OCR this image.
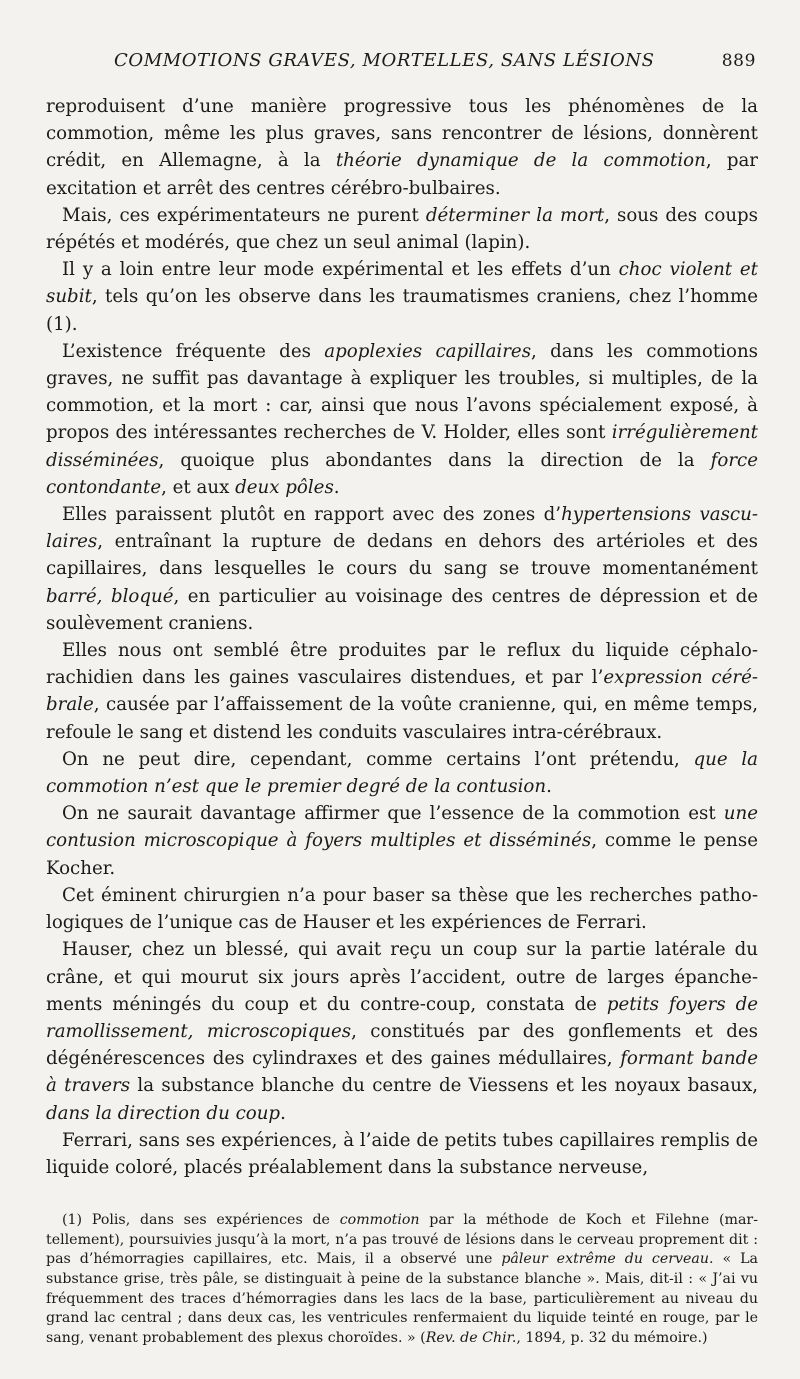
COMMOTIONS GRAVES, MORTELLES, SANS LÉSIONS	889

reproduisent d’une manière progressive tous les phénomènes de la commotion, même les plus graves, sans rencontrer de lésions, donnèrent crédit, en Allemagne, à la théorie dynamique de la commotion, par excitation et arrêt des centres cérébro-bulbaires.

Mais, ces expérimentateurs ne purent déterminer la mort, sous des coups répétés et modérés, que chez un seul animal (lapin).

Il y a loin entre leur mode expérimental et les effets d’un choc violent et subit, tels qu’on les observe dans les traumatismes craniens, chez l’homme (1).

L’existence fréquente des apoplexies capillaires, dans les commotions graves, ne suffit pas davantage à expliquer les troubles, si multiples, de la commotion, et la mort : car, ainsi que nous l’avons spécialement exposé, à propos des intéressantes recherches de V. Holder, elles sont irrégulièrement disséminées, quoique plus abondantes dans la direction de la force contondante, et aux deux pôles.

Elles paraissent plutôt en rapport avec des zones d’hypertensions vasculaires, entraînant la rupture de dedans en dehors des artérioles et des capillaires, dans lesquelles le cours du sang se trouve momentanément barré, bloqué, en particulier au voisinage des centres de dépression et de soulèvement craniens.

Elles nous ont semblé être produites par le reflux du liquide céphalo-rachidien dans les gaines vasculaires distendues, et par l’expression cérébrale, causée par l’affaissement de la voûte cranienne, qui, en même temps, refoule le sang et distend les conduits vasculaires intra-cérébraux.

On ne peut dire, cependant, comme certains l’ont prétendu, que la commotion n’est que le premier degré de la contusion.

On ne saurait davantage affirmer que l’essence de la commotion est une contusion microscopique à foyers multiples et disséminés, comme le pense Kocher.

Cet éminent chirurgien n’a pour baser sa thèse que les recherches pathologiques de l’unique cas de Hauser et les expériences de Ferrari.

Hauser, chez un blessé, qui avait reçu un coup sur la partie latérale du crâne, et qui mourut six jours après l’accident, outre de larges épanchements méningés du coup et du contre-coup, constata de petits foyers de ramollissement, microscopiques, constitués par des gonflements et des dégénérescences des cylindraxes et des gaines médullaires, formant bande à travers la substance blanche du centre de Viessens et les noyaux basaux, dans la direction du coup.

Ferrari, sans ses expériences, à l’aide de petits tubes capillaires remplis de liquide coloré, placés préalablement dans la substance nerveuse,

(1) Polis, dans ses expériences de commotion par la méthode de Koch et Filehne (martellement), poursuivies jusqu’à la mort, n’a pas trouvé de lésions dans le cerveau proprement dit : pas d’hémorragies capillaires, etc. Mais, il a observé une pâleur extrême du cerveau. « La substance grise, très pâle, se distinguait à peine de la substance blanche ». Mais, dit-il : « J’ai vu fréquemment des traces d’hémorragies dans les lacs de la base, particulièrement au niveau du grand lac central ; dans deux cas, les ventricules renfermaient du liquide teinté en rouge, par le sang, venant probablement des plexus choroïdes. » (Rev. de Chir., 1894, p. 32 du mémoire.)
